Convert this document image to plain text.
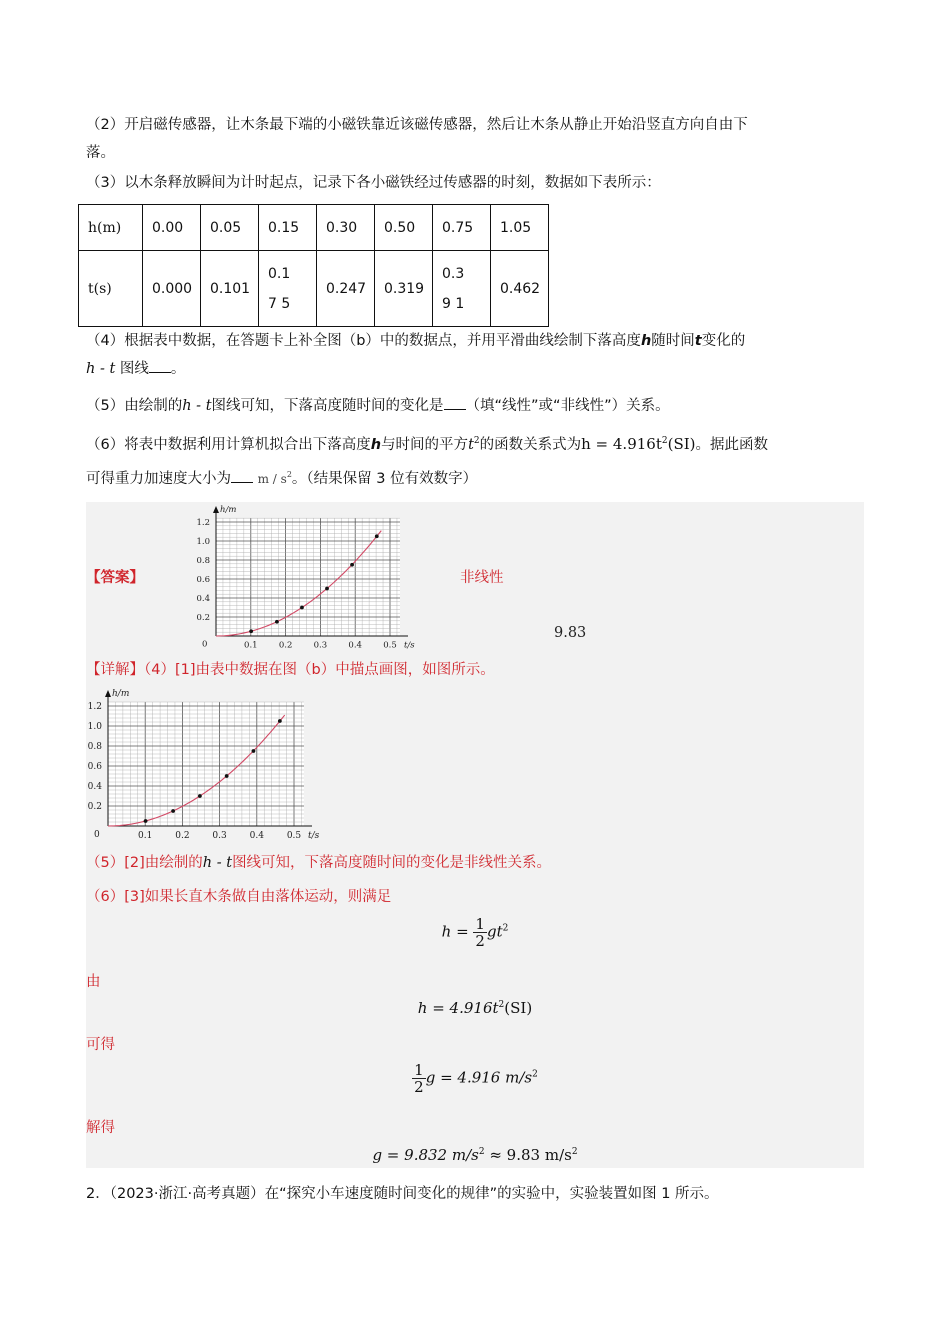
（2）开启磁传感器，让木条最下端的小磁铁靠近该磁传感器，然后让木条从静止开始沿竖直方向自由下
落。
（3）以木条释放瞬间为计时起点，记录下各小磁铁经过传感器的时刻，数据如下表所示：
h(m)	0.00	0.05	0.15	0.30	0.50	0.75	1.05
t(s)	0.000	0.101	0.17 5	0.247	0.319	0.39 1	0.462
（4）根据表中数据，在答题卡上补全图（b）中的数据点，并用平滑曲线绘制下落高度h随时间t变化的
h - t 图线 。
（5）由绘制的h - t图线可知，下落高度随时间的变化是 （填“线性”或“非线性”）关系。
（6）将表中数据利用计算机拟合出下落高度h与时间的平方$t^2$的函数关系式为$h = 4.916t^2(SI)$。据此函数
可得重力加速度大小为 m / $s^2$。（结果保留 3 位有效数字）
【答案】
h/m
t/s
0	0.1	0.2	0.3	0.4	0.5
0.2
0.4
0.6
0.8
1.0
1.2
非线性
9.83
【详解】（4）[1]由表中数据在图（b）中描点画图，如图所示。
h/m
t/s
0	0.1	0.2	0.3	0.4	0.5
0.2
0.4
0.6
0.8
1.0
1.2
（5）[2]由绘制的h - t图线可知，下落高度随时间的变化是非线性关系。
（6）[3]如果长直木条做自由落体运动，则满足
$h = \frac{1}{2} gt^2$
由
$h = 4.916t^2(SI)$
可得
$\frac{1}{2}$ g = 4.916 $m/s^2$
解得
g = 9.832 $m/s^2 \approx 9.83$ $m/s^2$
2．（2023·浙江·高考真题）在“探究小车速度随时间变化的规律”的实验中，实验装置如图 1 所示。
